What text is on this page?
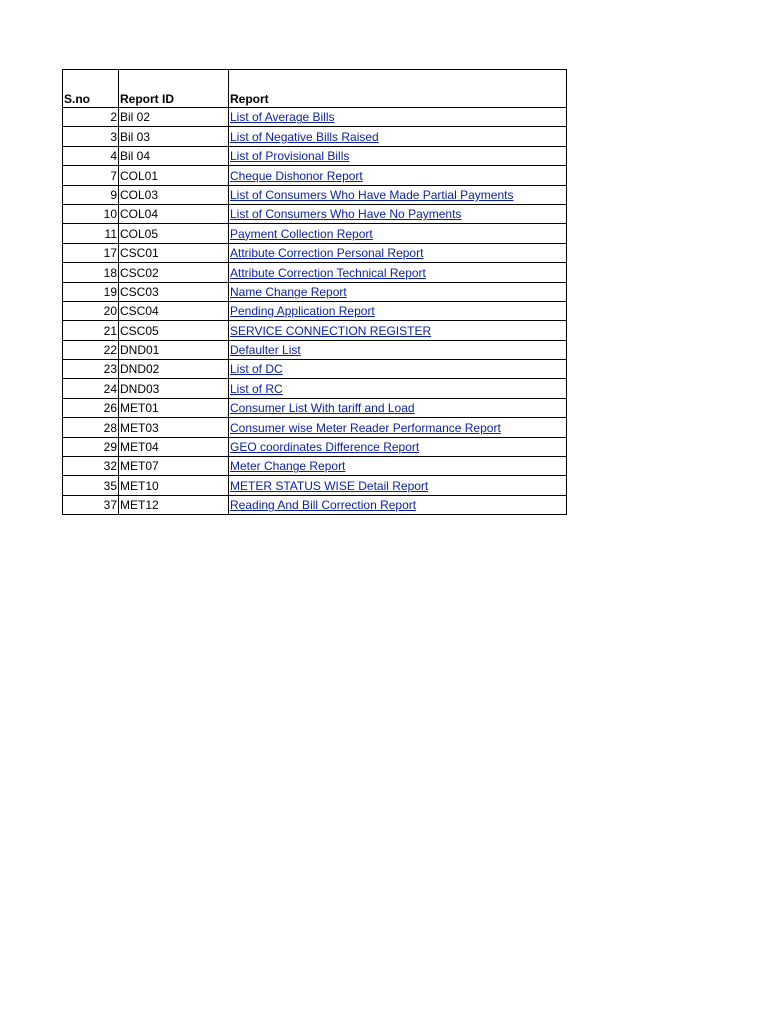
S.no	Report ID	Report
2	Bil 02	List of Average Bills
3	Bil 03	List of Negative Bills Raised
4	Bil 04	List of Provisional Bills
7	COL01	Cheque Dishonor Report
9	COL03	List of Consumers Who Have Made Partial Payments
10	COL04	List of Consumers Who Have No Payments
11	COL05	Payment Collection Report
17	CSC01	Attribute Correction Personal Report
18	CSC02	Attribute Correction Technical Report
19	CSC03	Name Change Report
20	CSC04	Pending Application Report
21	CSC05	SERVICE CONNECTION REGISTER
22	DND01	Defaulter List
23	DND02	List of DC
24	DND03	List of RC
26	MET01	Consumer List With tariff and Load
28	MET03	Consumer wise Meter Reader Performance Report
29	MET04	GEO coordinates Difference Report
32	MET07	Meter Change Report
35	MET10	METER STATUS WISE Detail Report
37	MET12	Reading And Bill Correction Report
